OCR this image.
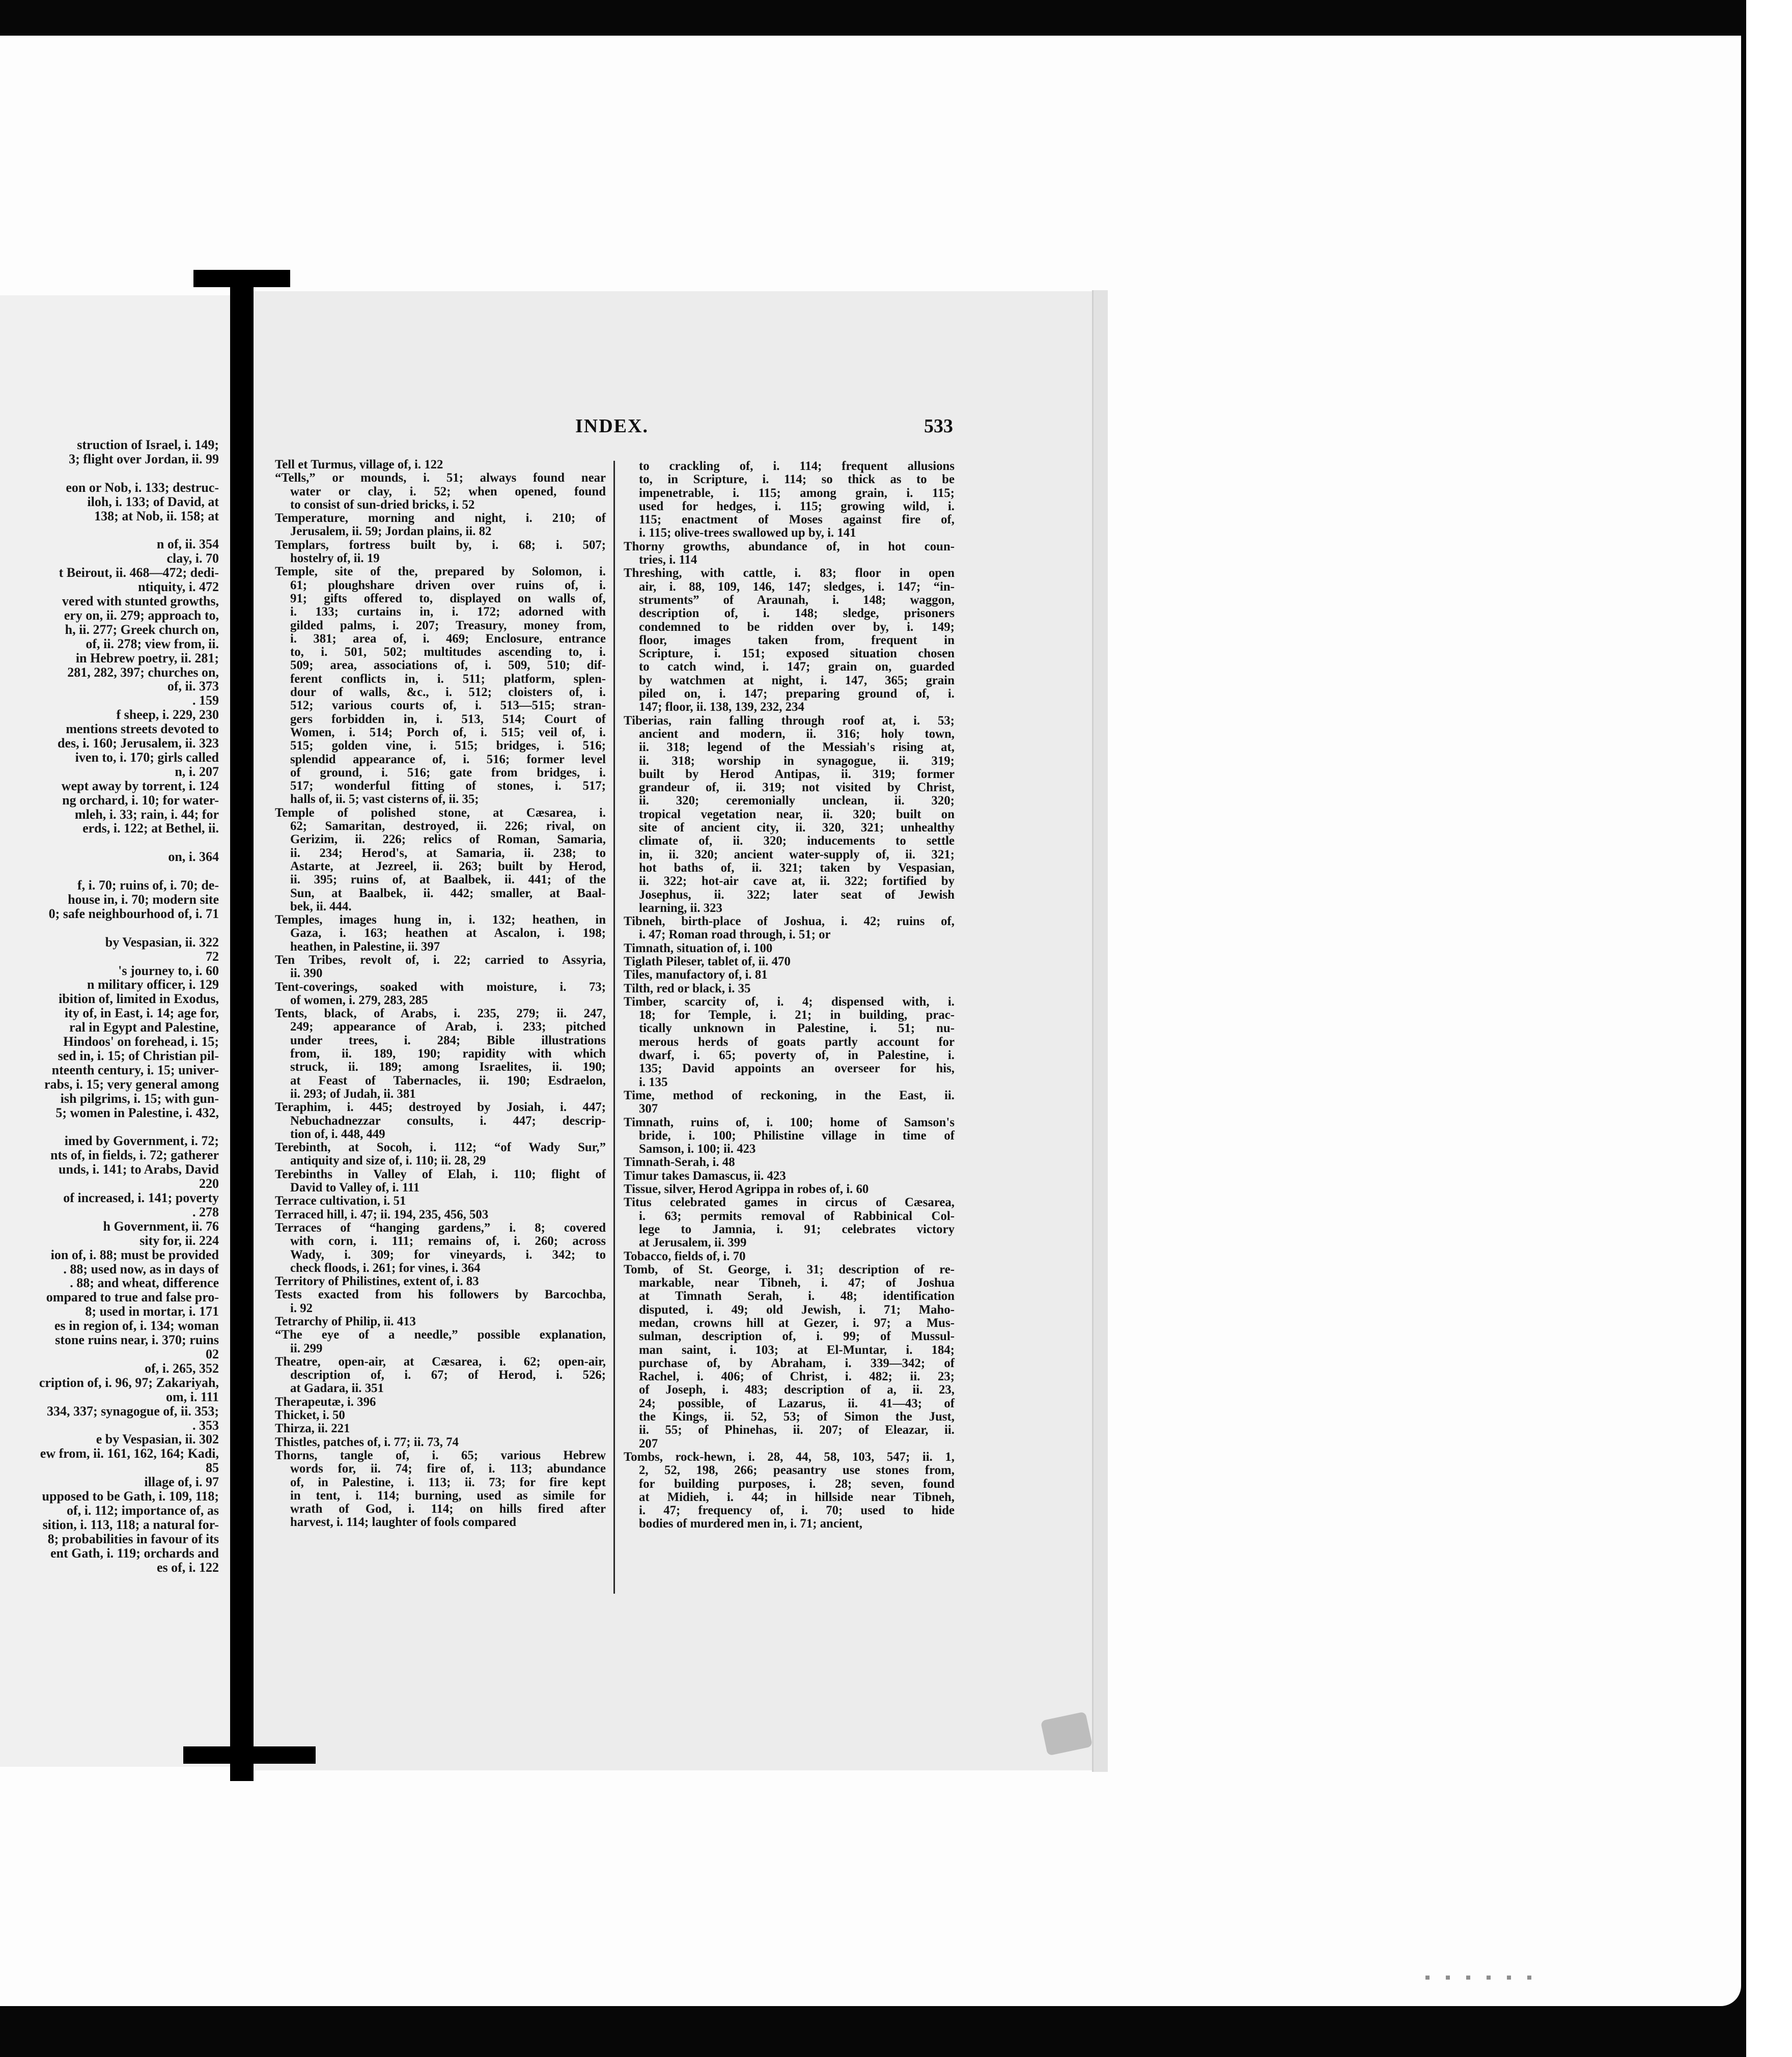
struction of Israel, i. 149;
3; flight over Jordan, ii. 99

eon or Nob, i. 133; destruc-
iloh, i. 133; of David, at
138; at Nob, ii. 158; at

n of, ii. 354
clay, i. 70
t Beirout, ii. 468—472; dedi-
ntiquity, i. 472
vered with stunted growths,
ery on, ii. 279; approach to,
h, ii. 277; Greek church on,
of, ii. 278; view from, ii.
in Hebrew poetry, ii. 281;
281, 282, 397; churches on,
of, ii. 373
. 159
f sheep, i. 229, 230
mentions streets devoted to
des, i. 160; Jerusalem, ii. 323
iven to, i. 170; girls called
n, i. 207
wept away by torrent, i. 124
ng orchard, i. 10; for water-
mleh, i. 33; rain, i. 44; for
erds, i. 122; at Bethel, ii.

on, i. 364

f, i. 70; ruins of, i. 70; de-
house in, i. 70; modern site
0; safe neighbourhood of, i. 71

by Vespasian, ii. 322
72
's journey to, i. 60
n military officer, i. 129
ibition of, limited in Exodus,
ity of, in East, i. 14; age for,
ral in Egypt and Palestine,
Hindoos' on forehead, i. 15;
sed in, i. 15; of Christian pil-
nteenth century, i. 15; univer-
rabs, i. 15; very general among
ish pilgrims, i. 15; with gun-
5; women in Palestine, i. 432,

imed by Government, i. 72;
nts of, in fields, i. 72; gatherer
unds, i. 141; to Arabs, David
220
of increased, i. 141; poverty
. 278
h Government, ii. 76
sity for, ii. 224
ion of, i. 88; must be provided
. 88; used now, as in days of
. 88; and wheat, difference
ompared to true and false pro-
8; used in mortar, i. 171
es in region of, i. 134; woman
stone ruins near, i. 370; ruins
02
of, i. 265, 352
cription of, i. 96, 97; Zakariyah,
om, i. 111
334, 337; synagogue of, ii. 353;
. 353
e by Vespasian, ii. 302
ew from, ii. 161, 162, 164; Kadi,
85
illage of, i. 97
upposed to be Gath, i. 109, 118;
of, i. 112; importance of, as
sition, i. 113, 118; a natural for-
8; probabilities in favour of its
ent Gath, i. 119; orchards and
es of, i. 122
INDEX.	533
Tell et Turmus, village of, i. 122
“Tells,” or mounds, i. 51; always found near
water or clay, i. 52; when opened, found
to consist of sun-dried bricks, i. 52
Temperature, morning and night, i. 210; of
Jerusalem, ii. 59; Jordan plains, ii. 82
Templars, fortress built by, i. 68; i. 507;
hostelry of, ii. 19
Temple, site of the, prepared by Solomon, i.
61; ploughshare driven over ruins of, i.
91; gifts offered to, displayed on walls of,
i. 133; curtains in, i. 172; adorned with
gilded palms, i. 207; Treasury, money from,
i. 381; area of, i. 469; Enclosure, entrance
to, i. 501, 502; multitudes ascending to, i.
509; area, associations of, i. 509, 510; dif-
ferent conflicts in, i. 511; platform, splen-
dour of walls, &c., i. 512; cloisters of, i.
512; various courts of, i. 513—515; stran-
gers forbidden in, i. 513, 514; Court of
Women, i. 514; Porch of, i. 515; veil of, i.
515; golden vine, i. 515; bridges, i. 516;
splendid appearance of, i. 516; former level
of ground, i. 516; gate from bridges, i.
517; wonderful fitting of stones, i. 517;
halls of, ii. 5; vast cisterns of, ii. 35;
Temple of polished stone, at Cæsarea, i.
62; Samaritan, destroyed, ii. 226; rival, on
Gerizim, ii. 226; relics of Roman, Samaria,
ii. 234; Herod's, at Samaria, ii. 238; to
Astarte, at Jezreel, ii. 263; built by Herod,
ii. 395; ruins of, at Baalbek, ii. 441; of the
Sun, at Baalbek, ii. 442; smaller, at Baal-
bek, ii. 444.
Temples, images hung in, i. 132; heathen, in
Gaza, i. 163; heathen at Ascalon, i. 198;
heathen, in Palestine, ii. 397
Ten Tribes, revolt of, i. 22; carried to Assyria,
ii. 390
Tent-coverings, soaked with moisture, i. 73;
of women, i. 279, 283, 285
Tents, black, of Arabs, i. 235, 279; ii. 247,
249; appearance of Arab, i. 233; pitched
under trees, i. 284; Bible illustrations
from, ii. 189, 190; rapidity with which
struck, ii. 189; among Israelites, ii. 190;
at Feast of Tabernacles, ii. 190; Esdraelon,
ii. 293; of Judah, ii. 381
Teraphim, i. 445; destroyed by Josiah, i. 447;
Nebuchadnezzar consults, i. 447; descrip-
tion of, i. 448, 449
Terebinth, at Socoh, i. 112; “of Wady Sur,”
antiquity and size of, i. 110; ii. 28, 29
Terebinths in Valley of Elah, i. 110; flight of
David to Valley of, i. 111
Terrace cultivation, i. 51
Terraced hill, i. 47; ii. 194, 235, 456, 503
Terraces of “hanging gardens,” i. 8; covered
with corn, i. 111; remains of, i. 260; across
Wady, i. 309; for vineyards, i. 342; to
check floods, i. 261; for vines, i. 364
Territory of Philistines, extent of, i. 83
Tests exacted from his followers by Barcochba,
i. 92
Tetrarchy of Philip, ii. 413
“The eye of a needle,” possible explanation,
ii. 299
Theatre, open-air, at Cæsarea, i. 62; open-air,
description of, i. 67; of Herod, i. 526;
at Gadara, ii. 351
Therapeutæ, i. 396
Thicket, i. 50
Thirza, ii. 221
Thistles, patches of, i. 77; ii. 73, 74
Thorns, tangle of, i. 65; various Hebrew
words for, ii. 74; fire of, i. 113; abundance
of, in Palestine, i. 113; ii. 73; for fire kept
in tent, i. 114; burning, used as simile for
wrath of God, i. 114; on hills fired after
harvest, i. 114; laughter of fools compared
to crackling of, i. 114; frequent allusions
to, in Scripture, i. 114; so thick as to be
impenetrable, i. 115; among grain, i. 115;
used for hedges, i. 115; growing wild, i.
115; enactment of Moses against fire of,
i. 115; olive-trees swallowed up by, i. 141
Thorny growths, abundance of, in hot coun-
tries, i. 114
Threshing, with cattle, i. 83; floor in open
air, i. 88, 109, 146, 147; sledges, i. 147; “in-
struments” of Araunah, i. 148; waggon,
description of, i. 148; sledge, prisoners
condemned to be ridden over by, i. 149;
floor, images taken from, frequent in
Scripture, i. 151; exposed situation chosen
to catch wind, i. 147; grain on, guarded
by watchmen at night, i. 147, 365; grain
piled on, i. 147; preparing ground of, i.
147; floor, ii. 138, 139, 232, 234
Tiberias, rain falling through roof at, i. 53;
ancient and modern, ii. 316; holy town,
ii. 318; legend of the Messiah's rising at,
ii. 318; worship in synagogue, ii. 319;
built by Herod Antipas, ii. 319; former
grandeur of, ii. 319; not visited by Christ,
ii. 320; ceremonially unclean, ii. 320;
tropical vegetation near, ii. 320; built on
site of ancient city, ii. 320, 321; unhealthy
climate of, ii. 320; inducements to settle
in, ii. 320; ancient water-supply of, ii. 321;
hot baths of, ii. 321; taken by Vespasian,
ii. 322; hot-air cave at, ii. 322; fortified by
Josephus, ii. 322; later seat of Jewish
learning, ii. 323
Tibneh, birth-place of Joshua, i. 42; ruins of,
i. 47; Roman road through, i. 51; or
Timnath, situation of, i. 100
Tiglath Pileser, tablet of, ii. 470
Tiles, manufactory of, i. 81
Tilth, red or black, i. 35
Timber, scarcity of, i. 4; dispensed with, i.
18; for Temple, i. 21; in building, prac-
tically unknown in Palestine, i. 51; nu-
merous herds of goats partly account for
dwarf, i. 65; poverty of, in Palestine, i.
135; David appoints an overseer for his,
i. 135
Time, method of reckoning, in the East, ii.
307
Timnath, ruins of, i. 100; home of Samson's
bride, i. 100; Philistine village in time of
Samson, i. 100; ii. 423
Timnath-Serah, i. 48
Timur takes Damascus, ii. 423
Tissue, silver, Herod Agrippa in robes of, i. 60
Titus celebrated games in circus of Cæsarea,
i. 63; permits removal of Rabbinical Col-
lege to Jamnia, i. 91; celebrates victory
at Jerusalem, ii. 399
Tobacco, fields of, i. 70
Tomb, of St. George, i. 31; description of re-
markable, near Tibneh, i. 47; of Joshua
at Timnath Serah, i. 48; identification
disputed, i. 49; old Jewish, i. 71; Maho-
medan, crowns hill at Gezer, i. 97; a Mus-
sulman, description of, i. 99; of Mussul-
man saint, i. 103; at El-Muntar, i. 184;
purchase of, by Abraham, i. 339—342; of
Rachel, i. 406; of Christ, i. 482; ii. 23;
of Joseph, i. 483; description of a, ii. 23,
24; possible, of Lazarus, ii. 41—43; of
the Kings, ii. 52, 53; of Simon the Just,
ii. 55; of Phinehas, ii. 207; of Eleazar, ii.
207
Tombs, rock-hewn, i. 28, 44, 58, 103, 547; ii. 1,
2, 52, 198, 266; peasantry use stones from,
for building purposes, i. 28; seven, found
at Midieh, i. 44; in hillside near Tibneh,
i. 47; frequency of, i. 70; used to hide
bodies of murdered men in, i. 71; ancient,
